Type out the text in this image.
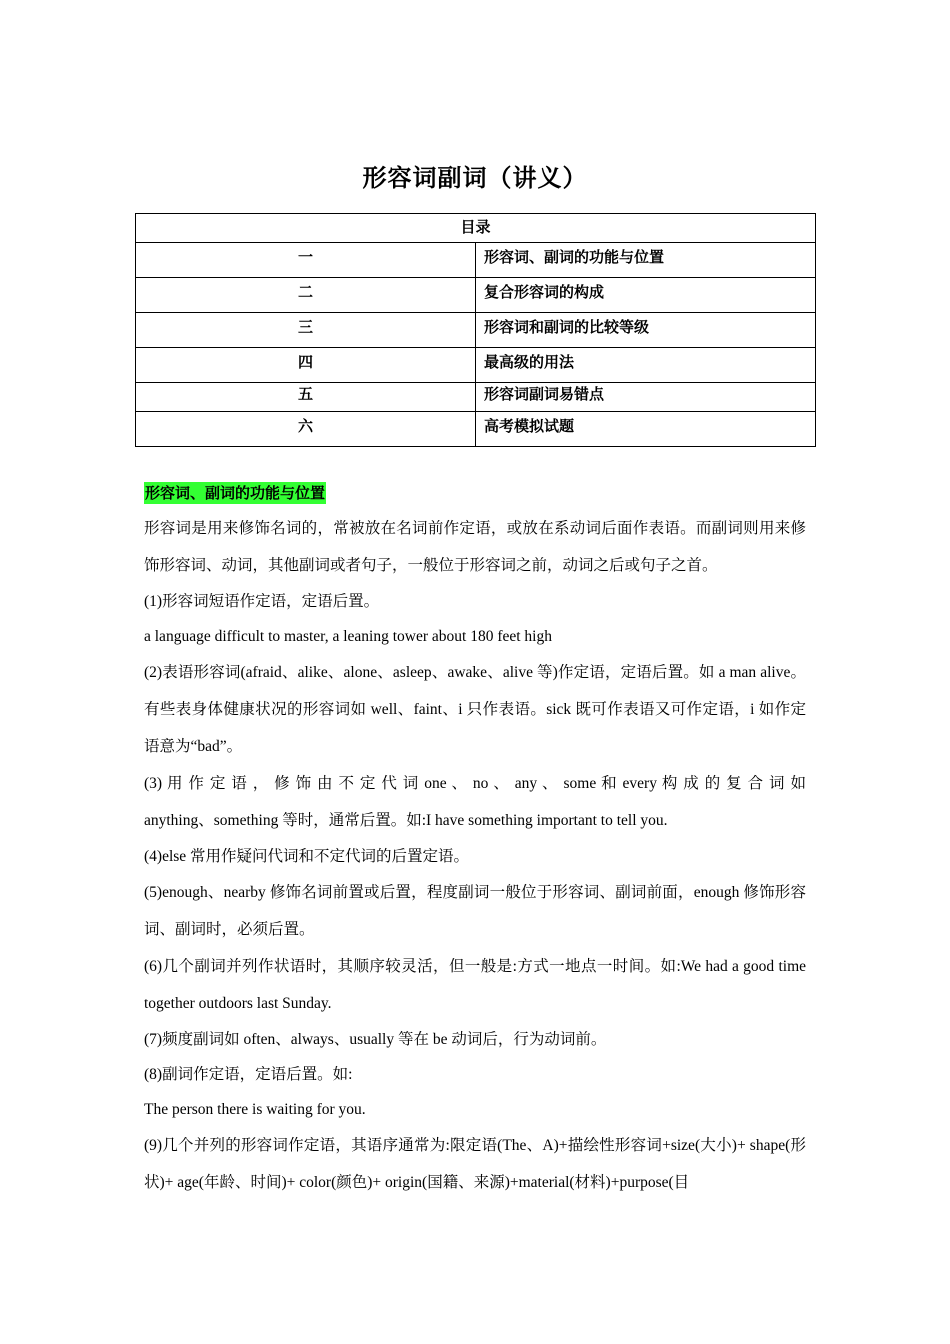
形容词副词（讲义）
目录	
一	形容词、副词的功能与位置
二	复合形容词的构成
三	形容词和副词的比较等级
四	最高级的用法
五	形容词副词易错点
六	高考模拟试题
形容词、副词的功能与位置

形容词是用来修饰名词的，常被放在名词前作定语，或放在系动词后面作表语。而副词则用来修饰形容词、动词，其他副词或者句子，一般位于形容词之前，动词之后或句子之首。

(1)形容词短语作定语，定语后置。

a language difficult to master, a leaning tower about 180 feet high

(2)表语形容词(afraid、alike、alone、asleep、awake、alive 等)作定语，定语后置。如 a man alive。有些表身体健康状况的形容词如 well、faint、i 只作表语。sick 既可作表语又可作定语，i 如作定语意为“bad”。

(3) 用 作 定 语 ， 修 饰 由 不 定 代 词 one 、 no 、 any 、 some 和 every 构 成 的 复 合 词 如 anything、something 等时，通常后置。如:I have something important to tell you.

(4)else 常用作疑问代词和不定代词的后置定语。

(5)enough、nearby 修饰名词前置或后置，程度副词一般位于形容词、副词前面，enough 修饰形容词、副词时，必须后置。

(6)几个副词并列作状语时，其顺序较灵活，但一般是:方式一地点一时间。如:We had a good time together outdoors last Sunday.

(7)频度副词如 often、always、usually 等在 be 动词后，行为动词前。

(8)副词作定语，定语后置。如:

The person there is waiting for you.

(9)几个并列的形容词作定语，其语序通常为:限定语(The、A)+描绘性形容词+size(大小)+ shape(形状)+ age(年龄、时间)+ color(颜色)+ origin(国籍、来源)+material(材料)+purpose(目
